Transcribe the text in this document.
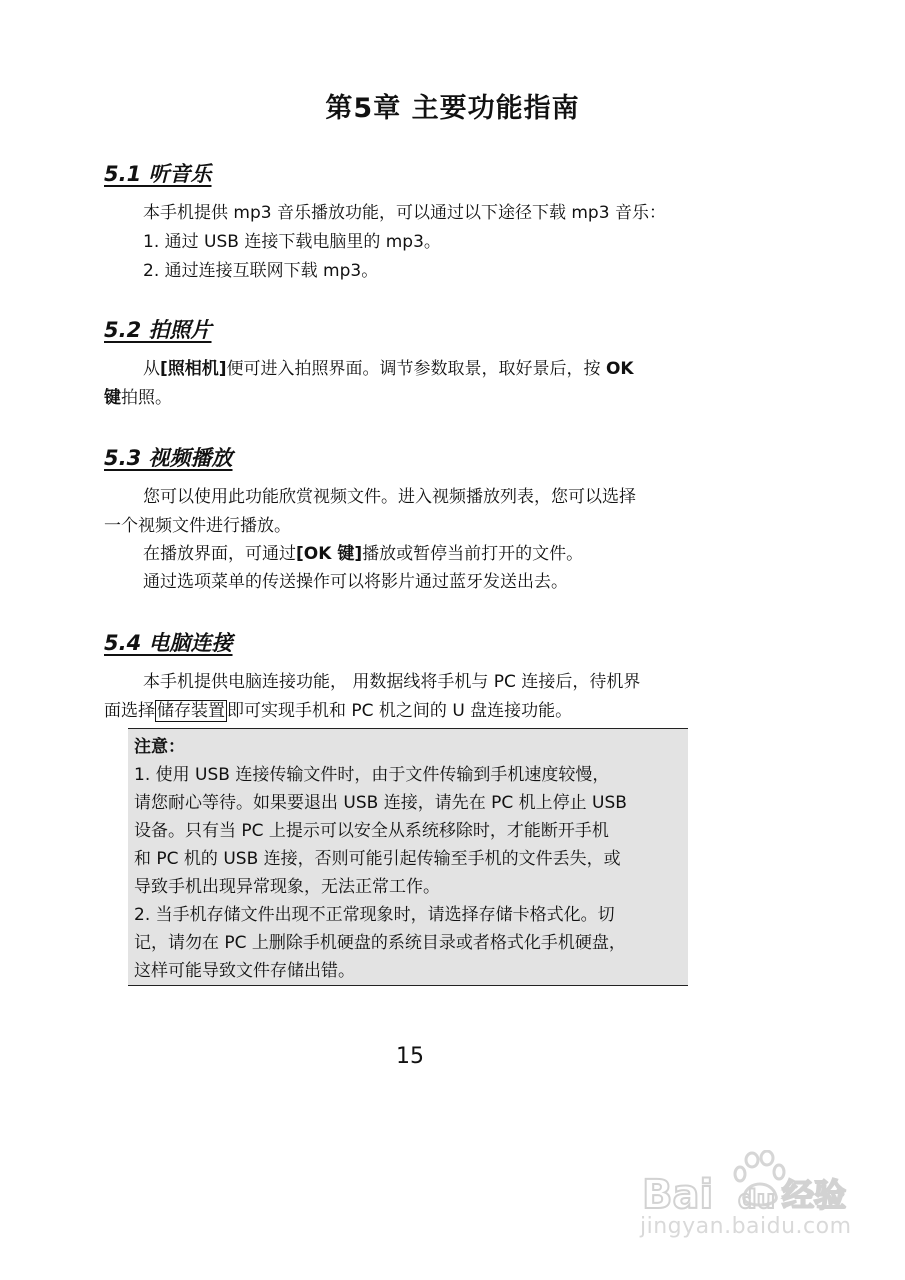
第5章 主要功能指南
5.1 听音乐
本手机提供 mp3 音乐播放功能，可以通过以下途径下载 mp3 音乐：
1. 通过 USB 连接下载电脑里的 mp3。
2. 通过连接互联网下载 mp3。
5.2 拍照片
从[照相机]便可进入拍照界面。调节参数取景，取好景后，按 OK
键拍照。
5.3 视频播放
您可以使用此功能欣赏视频文件。进入视频播放列表，您可以选择
一个视频文件进行播放。
在播放界面，可通过[OK 键]播放或暂停当前打开的文件。
通过选项菜单的传送操作可以将影片通过蓝牙发送出去。
5.4 电脑连接
本手机提供电脑连接功能， 用数据线将手机与 PC 连接后，待机界
面选择 储存装置 即可实现手机和 PC 机之间的 U 盘连接功能。
注意：
1. 使用 USB 连接传输文件时，由于文件传输到手机速度较慢，
请您耐心等待。如果要退出 USB 连接，请先在 PC 机上停止 USB
设备。只有当 PC 上提示可以安全从系统移除时，才能断开手机
和 PC 机的 USB 连接，否则可能引起传输至手机的文件丢失，或
导致手机出现异常现象，无法正常工作。
2. 当手机存储文件出现不正常现象时，请选择存储卡格式化。切
记，请勿在 PC 上删除手机硬盘的系统目录或者格式化手机硬盘，
这样可能导致文件存储出错。
15
Bai du 经验
jingyan.baidu.com
